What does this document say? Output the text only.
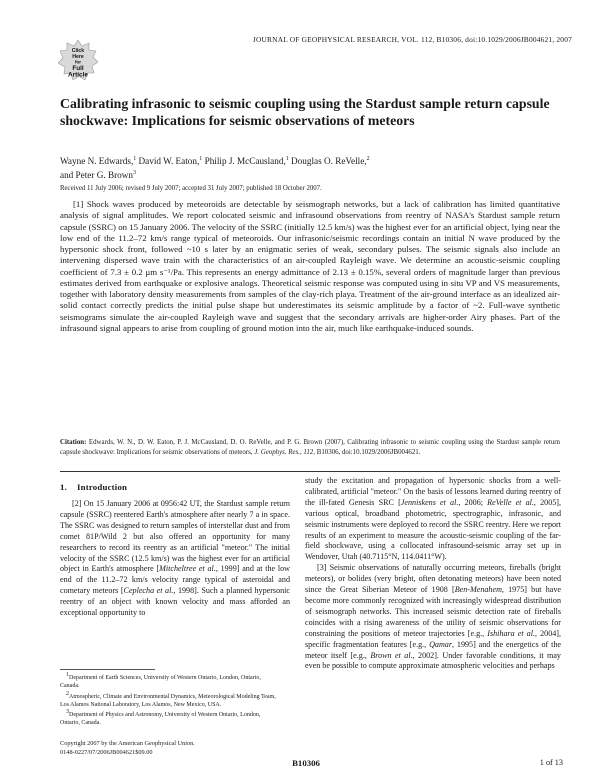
Click
Here
for
Full
Article
JOURNAL OF GEOPHYSICAL RESEARCH, VOL. 112, B10306, doi:10.1029/2006JB004621, 2007
Calibrating infrasonic to seismic coupling using the Stardust sample return capsule shockwave: Implications for seismic observations of meteors
Wayne N. Edwards,$^1$ David W. Eaton,$^1$ Philip J. McCausland,$^1$ Douglas O. ReVelle,$^2$
and Peter G. Brown$^3$
Received 11 July 2006; revised 9 July 2007; accepted 31 July 2007; published 18 October 2007.

[1] Shock waves produced by meteoroids are detectable by seismograph networks, but a lack of calibration has limited quantitative analysis of signal amplitudes. We report colocated seismic and infrasound observations from reentry of NASA's Stardust sample return capsule (SSRC) on 15 January 2006. The velocity of the SSRC (initially 12.5 km/s) was the highest ever for an artificial object, lying near the low end of the 11.2–72 km/s range typical of meteoroids. Our infrasonic/seismic recordings contain an initial N wave produced by the hypersonic shock front, followed ~10 s later by an enigmatic series of weak, secondary pulses. The seismic signals also include an intervening dispersed wave train with the characteristics of an air-coupled Rayleigh wave. We determine an acoustic-seismic coupling coefficient of 7.3 ± 0.2 μm s⁻¹/Pa. This represents an energy admittance of 2.13 ± 0.15%, several orders of magnitude larger than previous estimates derived from earthquake or explosive analogs. Theoretical seismic response was computed using in situ VP and VS measurements, together with laboratory density measurements from samples of the clay-rich playa. Treatment of the air-ground interface as an idealized air-solid contact correctly predicts the initial pulse shape but underestimates its seismic amplitude by a factor of ~2. Full-wave synthetic seismograms simulate the air-coupled Rayleigh wave and suggest that the secondary arrivals are higher-order Airy phases. Part of the infrasound signal appears to arise from coupling of ground motion into the air, much like earthquake-induced sounds.

Citation: Edwards, W. N., D. W. Eaton, P. J. McCausland, D. O. ReVelle, and P. G. Brown (2007), Calibrating infrasonic to seismic coupling using the Stardust sample return capsule shockwave: Implications for seismic observations of meteors, J. Geophys. Res., 112, B10306, doi:10.1029/2006JB004621.
1. Introduction

[2] On 15 January 2006 at 0956:42 UT, the Stardust sample return capsule (SSRC) reentered Earth's atmosphere after nearly 7 a in space. The SSRC was designed to return samples of interstellar dust and from comet 81P/Wild 2 but also offered an opportunity for many researchers to record its reentry as an artificial "meteor." The initial velocity of the SSRC (12.5 km/s) was the highest ever for an artificial object in Earth's atmosphere [Mitcheltree et al., 1999] and at the low end of the 11.2–72 km/s velocity range typical of asteroidal and cometary meteors [Ceplecha et al., 1998]. Such a planned hypersonic reentry of an object with known velocity and mass afforded an exceptional opportunity to

study the excitation and propagation of hypersonic shocks from a well-calibrated, artificial "meteor." On the basis of lessons learned during reentry of the ill-fated Genesis SRC [Jenniskens et al., 2006; ReVelle et al., 2005], various optical, broadband photometric, spectrographic, infrasonic, and seismic instruments were deployed to record the SSRC reentry. Here we report results of an experiment to measure the acoustic-seismic coupling of the far-field shockwave, using a collocated infrasound-seismic array set up in Wendover, Utah (40.7115°N, 114.0411°W).

[3] Seismic observations of naturally occurring meteors, fireballs (bright meteors), or bolides (very bright, often detonating meteors) have been noted since the Great Siberian Meteor of 1908 [Ben-Menahem, 1975] but have become more commonly recognized with increasingly widespread distribution of seismograph networks. This increased seismic detection rate of fireballs coincides with a rising awareness of the utility of seismic observations for constraining the positions of meteor trajectories [e.g., Ishihara et al., 2004], specific fragmentation features [e.g., Qamar, 1995] and the energetics of the meteor itself [e.g., Brown et al., 2002]. Under favorable conditions, it may even be possible to compute approximate atmospheric velocities and perhaps

$^1$Department of Earth Sciences, University of Western Ontario, London, Ontario, Canada.

$^2$Atmospheric, Climate and Environmental Dynamics, Meteorological Modeling Team, Los Alamos National Laboratory, Los Alamos, New Mexico, USA.

$^3$Department of Physics and Astronomy, University of Western Ontario, London, Ontario, Canada.

Copyright 2007 by the American Geophysical Union.
0148-0227/07/2006JB004621$09.00
B10306	1 of 13
